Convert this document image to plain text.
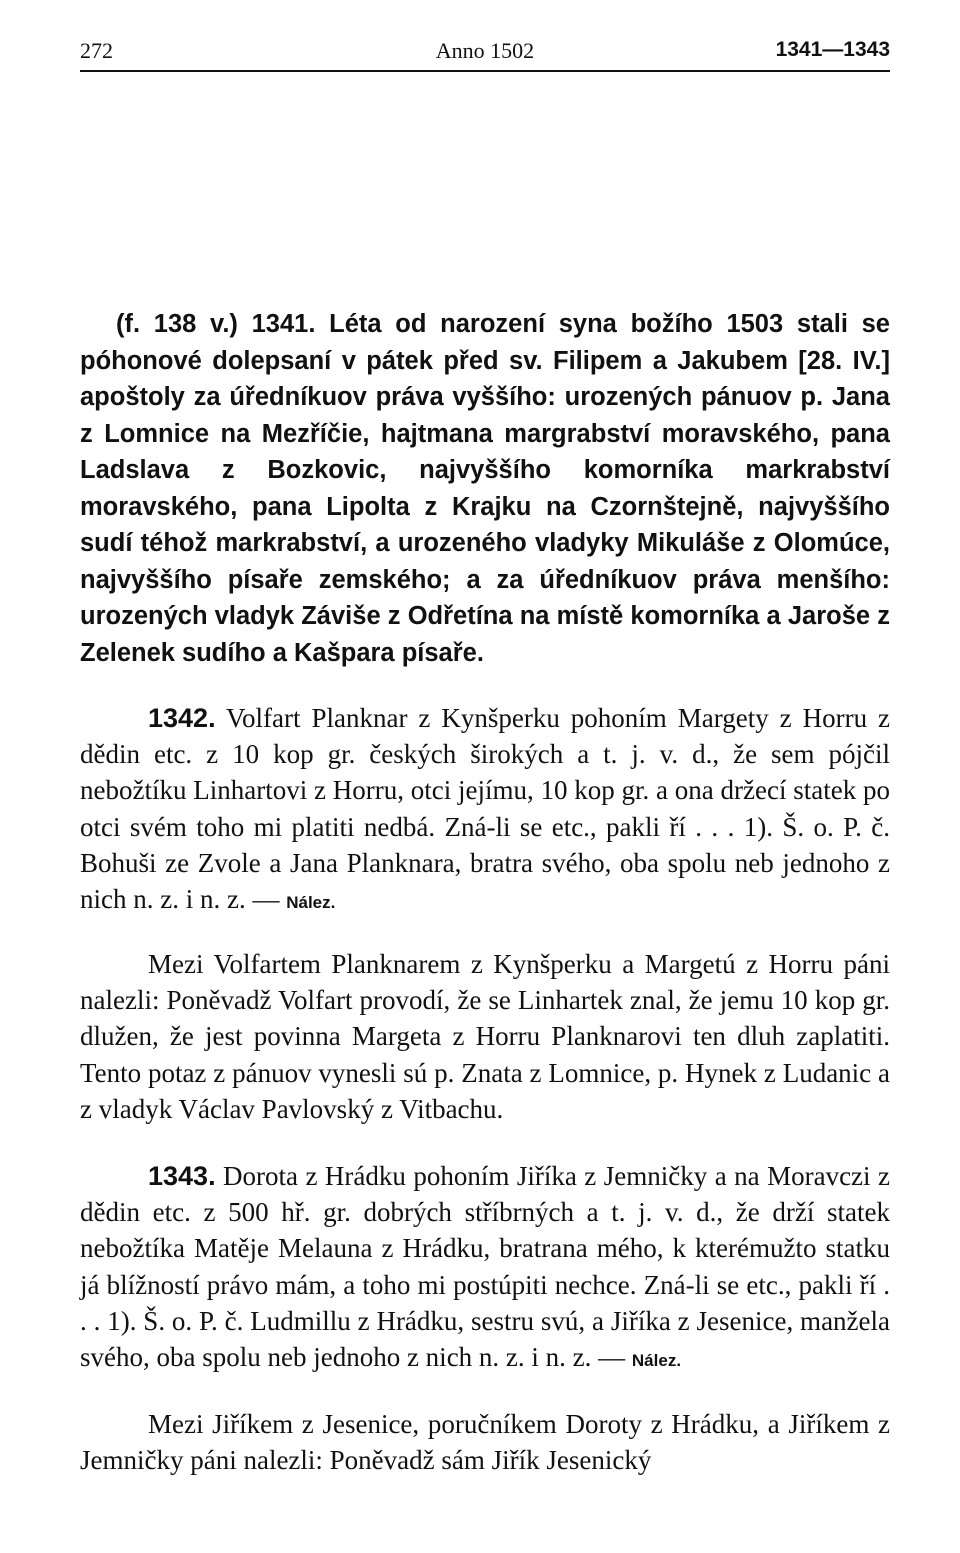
272	Anno 1502	1341—1343

(f. 138 v.) 1341. Léta od narození syna božího 1503 stali se póhonové dolepsaní v pátek před sv. Filipem a Jakubem [28. IV.] apoštoly za úředníkuov práva vyššího: urozených pánuov p. Jana z Lomnice na Mezříčie, hajtmana margrabství moravského, pana Ladslava z Bozkovic, najvyššího komorníka markrabství moravského, pana Lipolta z Krajku na Czornštejně, najvyššího sudí téhož markrabství, a urozeného vladyky Mikuláše z Olomúce, najvyššího písaře zemského; a za úředníkuov práva menšího: urozených vladyk Záviše z Odřetína na místě komorníka a Jaroše z Zelenek sudího a Kašpara písaře.

1342. Volfart Planknar z Kynšperku pohoním Margety z Horru z dědin etc. z 10 kop gr. českých širokých a t. j. v. d., že sem pójčil nebožtíku Linhartovi z Horru, otci jejímu, 10 kop gr. a ona držecí statek po otci svém toho mi platiti nedbá. Zná-li se etc., pakli ří . . . 1). Š. o. P. č. Bohuši ze Zvole a Jana Planknara, bratra svého, oba spolu neb jednoho z nich n. z. i n. z. — Nález.

Mezi Volfartem Planknarem z Kynšperku a Margetú z Horru páni nalezli: Poněvadž Volfart provodí, že se Linhartek znal, že jemu 10 kop gr. dlužen, že jest povinna Margeta z Horru Planknarovi ten dluh zaplatiti. Tento potaz z pánuov vynesli sú p. Znata z Lomnice, p. Hynek z Ludanic a z vladyk Václav Pavlovský z Vitbachu.

1343. Dorota z Hrádku pohoním Jiříka z Jemničky a na Moravczi z dědin etc. z 500 hř. gr. dobrých stříbrných a t. j. v. d., že drží statek nebožtíka Matěje Melauna z Hrádku, bratrana mého, k kterémužto statku já blížností právo mám, a toho mi postúpiti nechce. Zná-li se etc., pakli ří . . . 1). Š. o. P. č. Ludmillu z Hrádku, sestru svú, a Jiříka z Jesenice, manžela svého, oba spolu neb jednoho z nich n. z. i n. z. — Nález.

Mezi Jiříkem z Jesenice, poručníkem Doroty z Hrádku, a Jiříkem z Jemničky páni nalezli: Poněvadž sám Jiřík Jesenický
